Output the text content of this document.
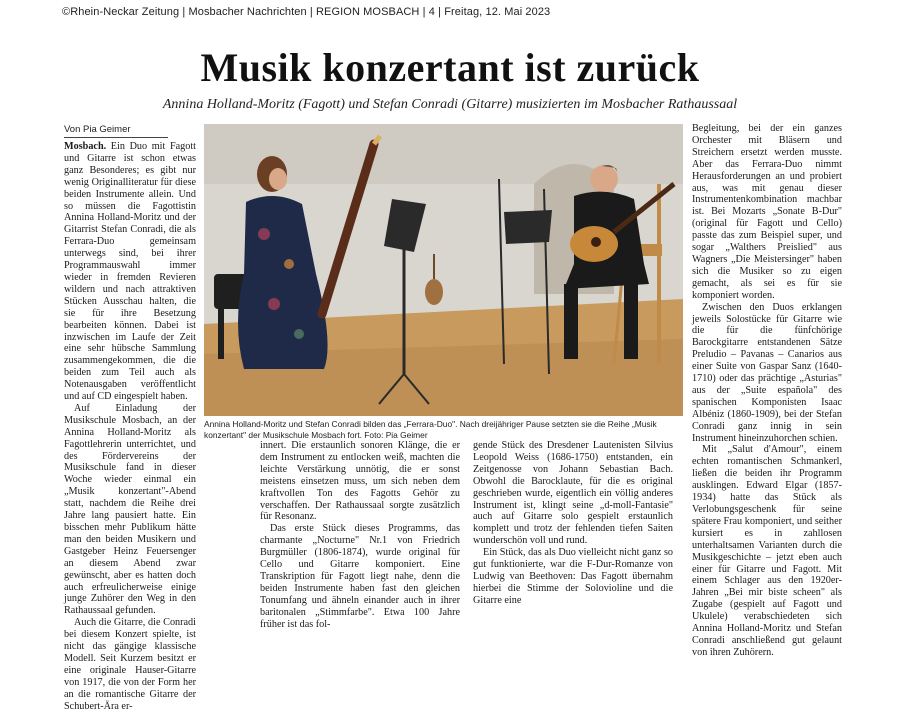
©Rhein-Neckar Zeitung | Mosbacher Nachrichten | REGION MOSBACH | 4 | Freitag, 12. Mai 2023
Musik konzertant ist zurück
Annina Holland-Moritz (Fagott) und Stefan Conradi (Gitarre) musizierten im Mosbacher Rathaussaal
Von Pia Geimer

Mosbach. Ein Duo mit Fagott und Gitarre ist schon etwas ganz Besonderes; es gibt nur wenig Originalliteratur für diese beiden Instrumente allein. Und so müssen die Fagottistin Annina Holland-Moritz und der Gitarrist Stefan Conradi, die als Ferrara-Duo gemeinsam unterwegs sind, bei ihrer Programmauswahl immer wieder in fremden Revieren wildern und nach attraktiven Stücken Ausschau halten, die sie für ihre Besetzung bearbeiten können. Dabei ist inzwischen im Laufe der Zeit eine sehr hübsche Sammlung zusammengekommen, die die beiden zum Teil auch als Notenausgaben veröffentlicht und auf CD eingespielt haben.

Auf Einladung der Musikschule Mosbach, an der Annina Holland-Moritz als Fagottlehrerin unterrichtet, und des Fördervereins der Musikschule fand in dieser Woche wieder einmal ein „Musik konzertant"-Abend statt, nachdem die Reihe drei Jahre lang pausiert hatte. Ein bisschen mehr Publikum hätte man den beiden Musikern und Gastgeber Heinz Feuersenger an diesem Abend zwar gewünscht, aber es hatten doch auch erfreulicherweise einige junge Zuhörer den Weg in den Rathaussaal gefunden.

Auch die Gitarre, die Conradi bei diesem Konzert spielte, ist nicht das gängige klassische Modell. Seit Kurzem besitzt er eine originale Hauser-Gitarre von 1917, die von der Form her an die romantische Gitarre der Schubert-Ära er-

Annina Holland-Moritz und Stefan Conradi bilden das „Ferrara-Duo". Nach dreijähriger Pause setzten sie die Reihe „Musik konzertant" der Musikschule Mosbach fort. Foto: Pia Geimer

innert. Die erstaunlich sonoren Klänge, die er dem Instrument zu entlocken weiß, machten die leichte Verstärkung unnötig, die er sonst meistens einsetzen muss, um sich neben dem kraftvollen Ton des Fagotts Gehör zu verschaffen. Der Rathaussaal sorgte zusätzlich für Resonanz.

Das erste Stück dieses Programms, das charmante „Nocturne" Nr.1 von Friedrich Burgmüller (1806-1874), wurde original für Cello und Gitarre komponiert. Eine Transkription für Fagott liegt nahe, denn die beiden Instrumente haben fast den gleichen Tonumfang und ähneln einander auch in ihrer baritonalen „Stimmfarbe". Etwa 100 Jahre früher ist das fol-

gende Stück des Dresdener Lautenisten Silvius Leopold Weiss (1686-1750) entstanden, ein Zeitgenosse von Johann Sebastian Bach. Obwohl die Barocklaute, für die es original geschrieben wurde, eigentlich ein völlig anderes Instrument ist, klingt seine „d-moll-Fantasie" auch auf Gitarre solo gespielt erstaunlich komplett und trotz der fehlenden tiefen Saiten wunderschön voll und rund.

Ein Stück, das als Duo vielleicht nicht ganz so gut funktionierte, war die F-Dur-Romanze von Ludwig van Beethoven: Das Fagott übernahm hierbei die Stimme der Solovioline und die Gitarre eine

Begleitung, bei der ein ganzes Orchester mit Bläsern und Streichern ersetzt werden musste. Aber das Ferrara-Duo nimmt Herausforderungen an und probiert aus, was mit genau dieser Instrumentenkombination machbar ist. Bei Mozarts „Sonate B-Dur" (original für Fagott und Cello) passte das zum Beispiel super, und sogar „Walthers Preislied" aus Wagners „Die Meistersinger" haben sich die Musiker so zu eigen gemacht, als sei es für sie komponiert worden.

Zwischen den Duos erklangen jeweils Solostücke für Gitarre wie die für die fünfchörige Barockgitarre entstandenen Sätze Preludio – Pavanas – Canarios aus einer Suite von Gaspar Sanz (1640-1710) oder das prächtige „Asturias" aus der „Suite española" des spanischen Komponisten Isaac Albéniz (1860-1909), bei der Stefan Conradi ganz innig in sein Instrument hineinzuhorchen schien.

Mit „Salut d'Amour", einem echten romantischen Schmankerl, ließen die beiden ihr Programm ausklingen. Edward Elgar (1857-1934) hatte das Stück als Verlobungsgeschenk für seine spätere Frau komponiert, und seither kursiert es in zahllosen unterhaltsamen Varianten durch die Musikgeschichte – jetzt eben auch einer für Gitarre und Fagott. Mit einem Schlager aus den 1920er-Jahren „Bei mir biste scheen" als Zugabe (gespielt auf Fagott und Ukulele) verabschiedeten sich Annina Holland-Moritz und Stefan Conradi anschließend gut gelaunt von ihren Zuhörern.
